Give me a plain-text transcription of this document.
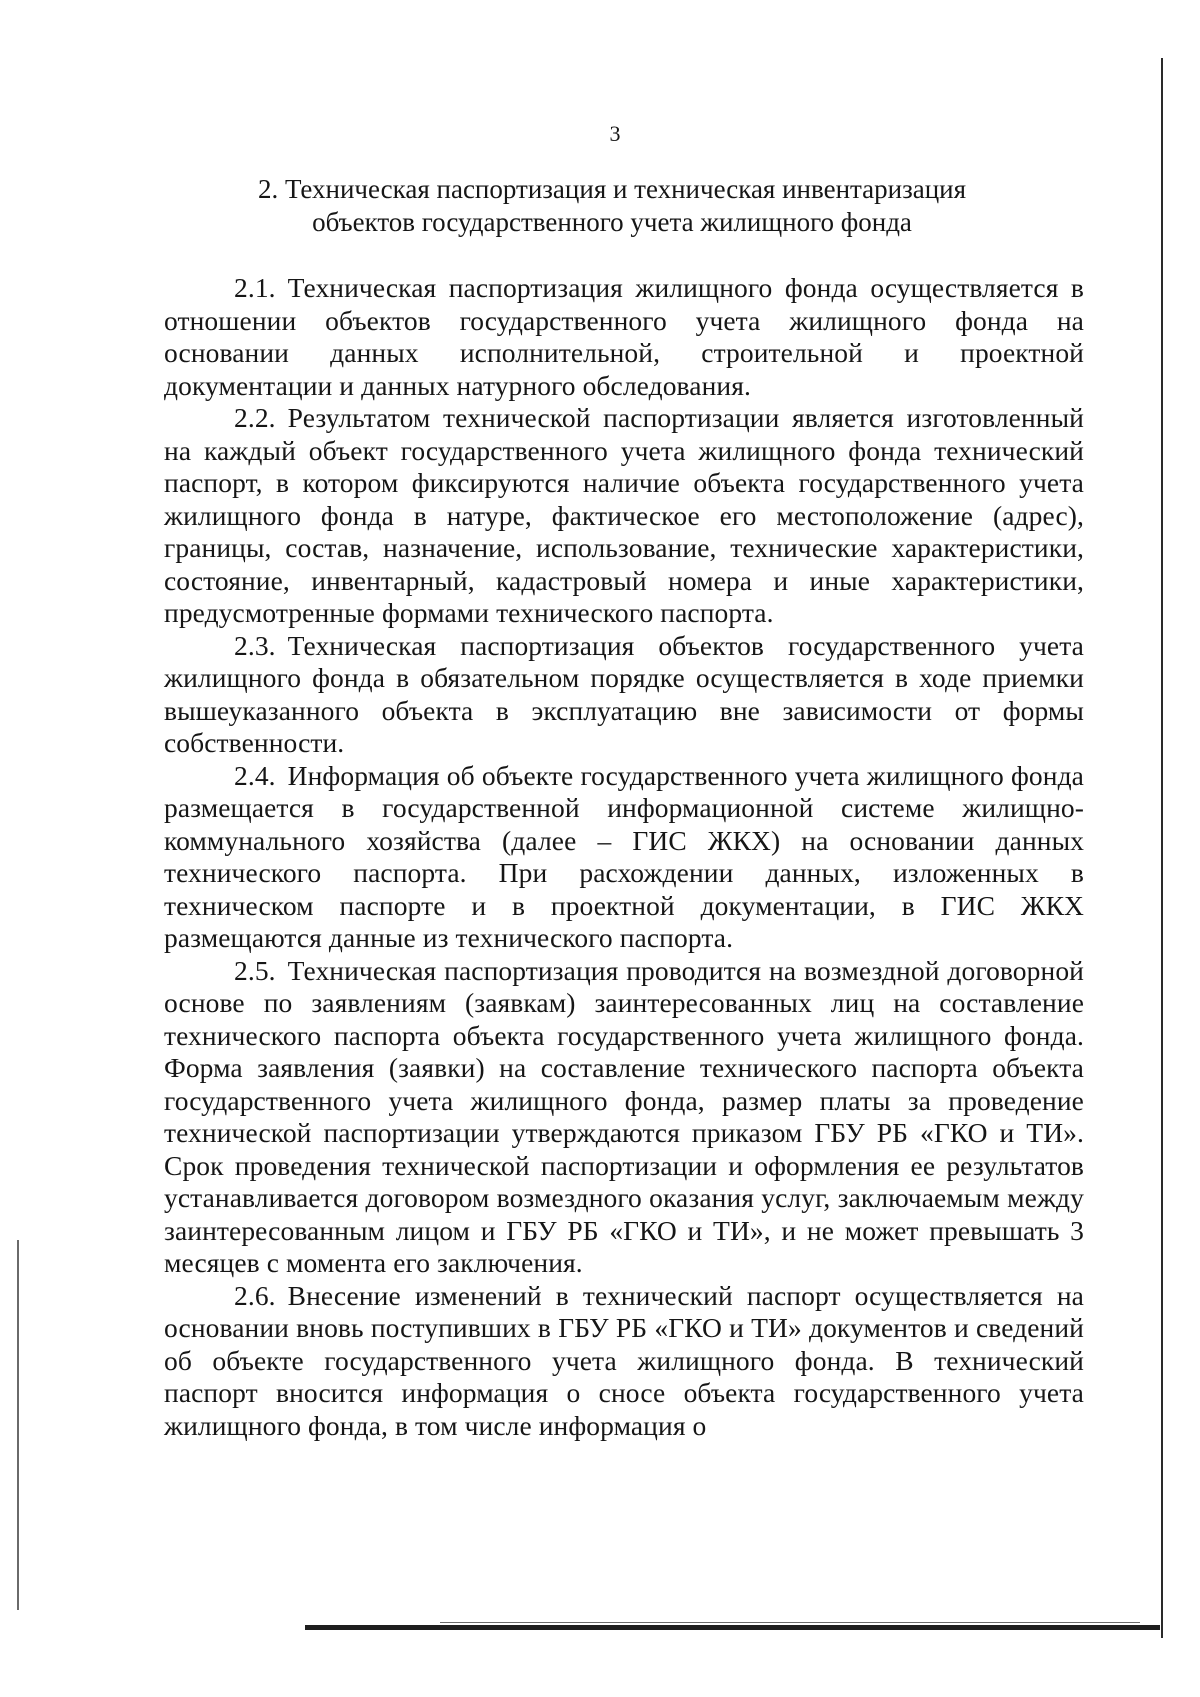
3
2. Техническая паспортизация и техническая инвентаризация
объектов государственного учета жилищного фонда

2.1. Техническая паспортизация жилищного фонда осуществляется в отношении объектов государственного учета жилищного фонда на основании данных исполнительной, строительной и проектной документации и данных натурного обследования.

2.2. Результатом технической паспортизации является изготовленный на каждый объект государственного учета жилищного фонда технический паспорт, в котором фиксируются наличие объекта государственного учета жилищного фонда в натуре, фактическое его местоположение (адрес), границы, состав, назначение, использование, технические характеристики, состояние, инвентарный, кадастровый номера и иные характеристики, предусмотренные формами технического паспорта.

2.3. Техническая паспортизация объектов государственного учета жилищного фонда в обязательном порядке осуществляется в ходе приемки вышеуказанного объекта в эксплуатацию вне зависимости от формы собственности.

2.4. Информация об объекте государственного учета жилищного фонда размещается в государственной информационной системе жилищно-коммунального хозяйства (далее – ГИС ЖКХ) на основании данных технического паспорта. При расхождении данных, изложенных в техническом паспорте и в проектной документации, в ГИС ЖКХ размещаются данные из технического паспорта.

2.5. Техническая паспортизация проводится на возмездной договорной основе по заявлениям (заявкам) заинтересованных лиц на составление технического паспорта объекта государственного учета жилищного фонда. Форма заявления (заявки) на составление технического паспорта объекта государственного учета жилищного фонда, размер платы за проведение технической паспортизации утверждаются приказом ГБУ РБ «ГКО и ТИ». Срок проведения технической паспортизации и оформления ее результатов устанавливается договором возмездного оказания услуг, заключаемым между заинтересованным лицом и ГБУ РБ «ГКО и ТИ», и не может превышать 3 месяцев с момента его заключения.

2.6. Внесение изменений в технический паспорт осуществляется на основании вновь поступивших в ГБУ РБ «ГКО и ТИ» документов и сведений об объекте государственного учета жилищного фонда. В технический паспорт вносится информация о сносе объекта государственного учета жилищного фонда, в том числе информация о
